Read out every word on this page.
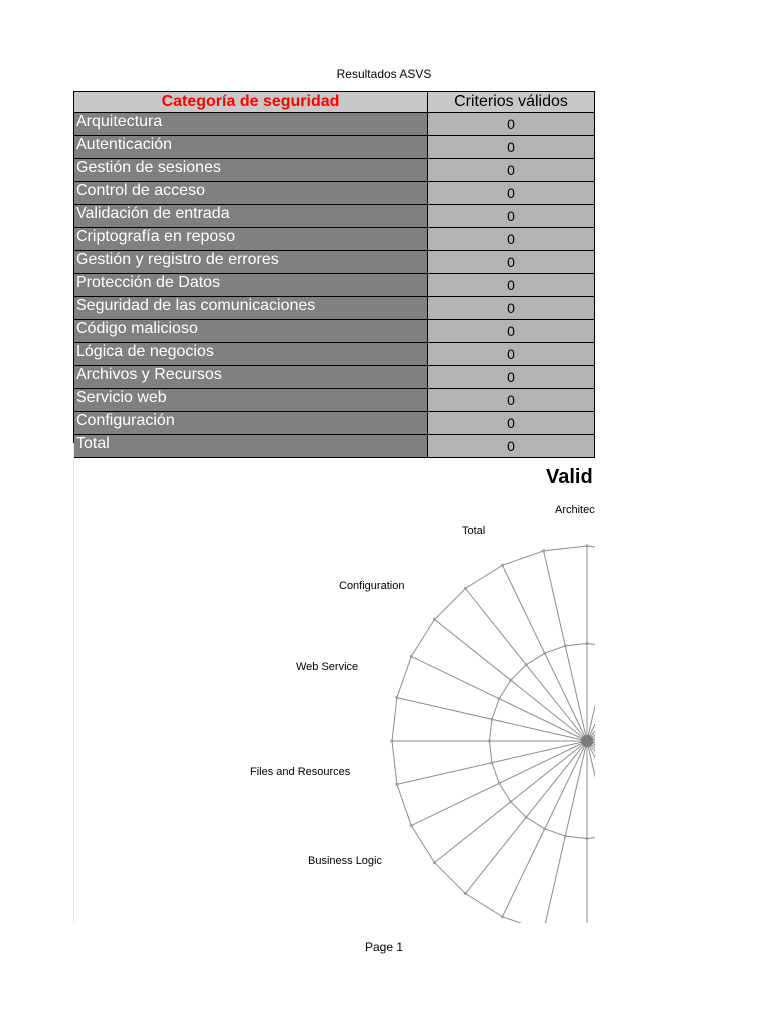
Resultados ASVS
Categoría de seguridad	Criterios válidos
Arquitectura	0
Autenticación	0
Gestión de sesiones	0
Control de acceso	0
Validación de entrada	0
Criptografía en reposo	0
Gestión y registro de errores	0
Protección de Datos	0
Seguridad de las comunicaciones	0
Código malicioso	0
Lógica de negocios	0
Archivos y Recursos	0
Servicio web	0
Configuración	0
Total	0
Valid
Architec
Total
Configuration
Web Service
Files and Resources
Business Logic
Page 1
